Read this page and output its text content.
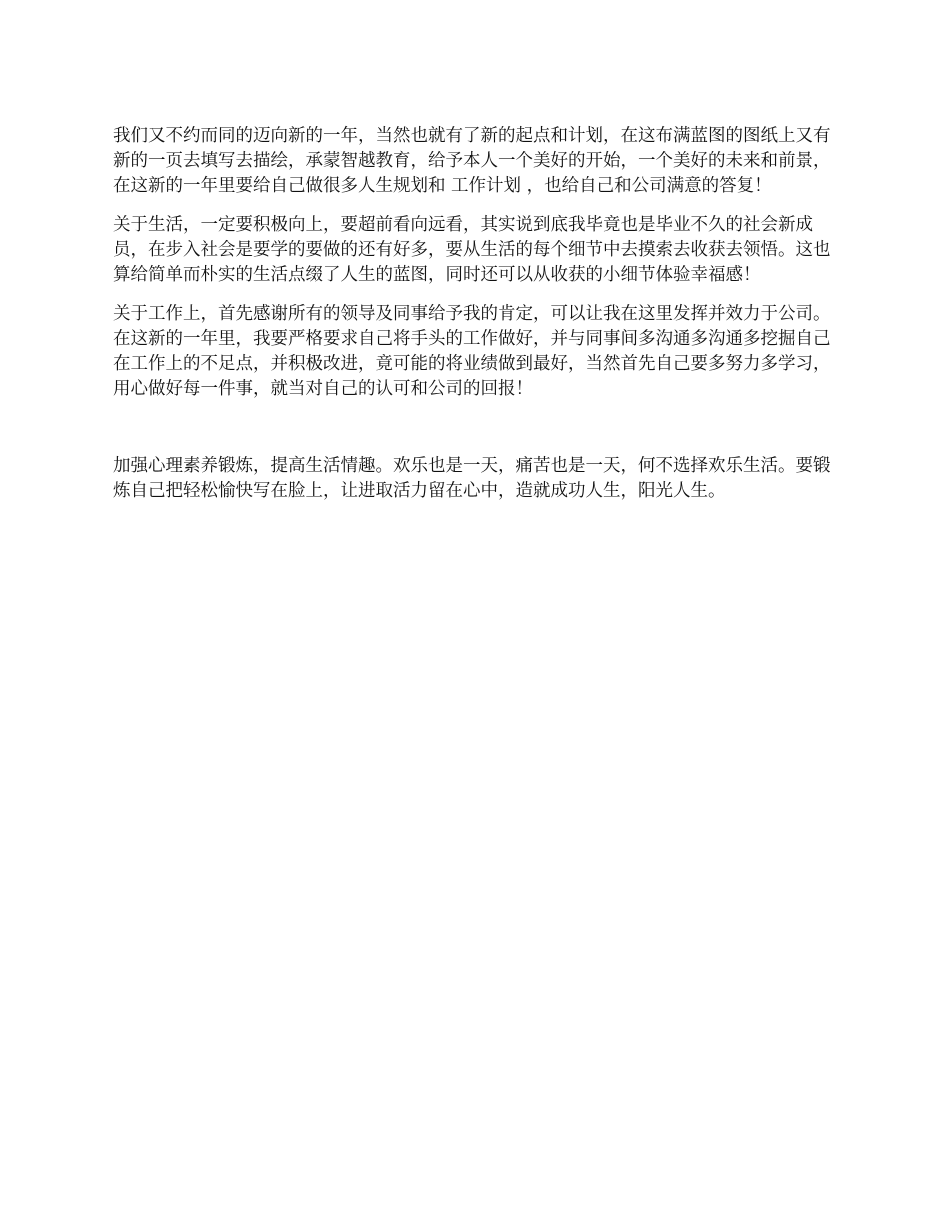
我们又不约而同的迈向新的一年，当然也就有了新的起点和计划，在这布满蓝图的图纸上又有新的一页去填写去描绘，承蒙智越教育，给予本人一个美好的开始，一个美好的未来和前景，在这新的一年里要给自己做很多人生规划和 工作计划 ，也给自己和公司满意的答复！

关于生活，一定要积极向上，要超前看向远看，其实说到底我毕竟也是毕业不久的社会新成员，在步入社会是要学的要做的还有好多，要从生活的每个细节中去摸索去收获去领悟。这也算给简单而朴实的生活点缀了人生的蓝图，同时还可以从收获的小细节体验幸福感！

关于工作上，首先感谢所有的领导及同事给予我的肯定，可以让我在这里发挥并效力于公司。在这新的一年里，我要严格要求自己将手头的工作做好，并与同事间多沟通多沟通多挖掘自己在工作上的不足点，并积极改进，竟可能的将业绩做到最好，当然首先自己要多努力多学习，用心做好每一件事，就当对自己的认可和公司的回报！

加强心理素养锻炼，提高生活情趣。欢乐也是一天，痛苦也是一天，何不选择欢乐生活。要锻炼自己把轻松愉快写在脸上，让进取活力留在心中，造就成功人生，阳光人生。
